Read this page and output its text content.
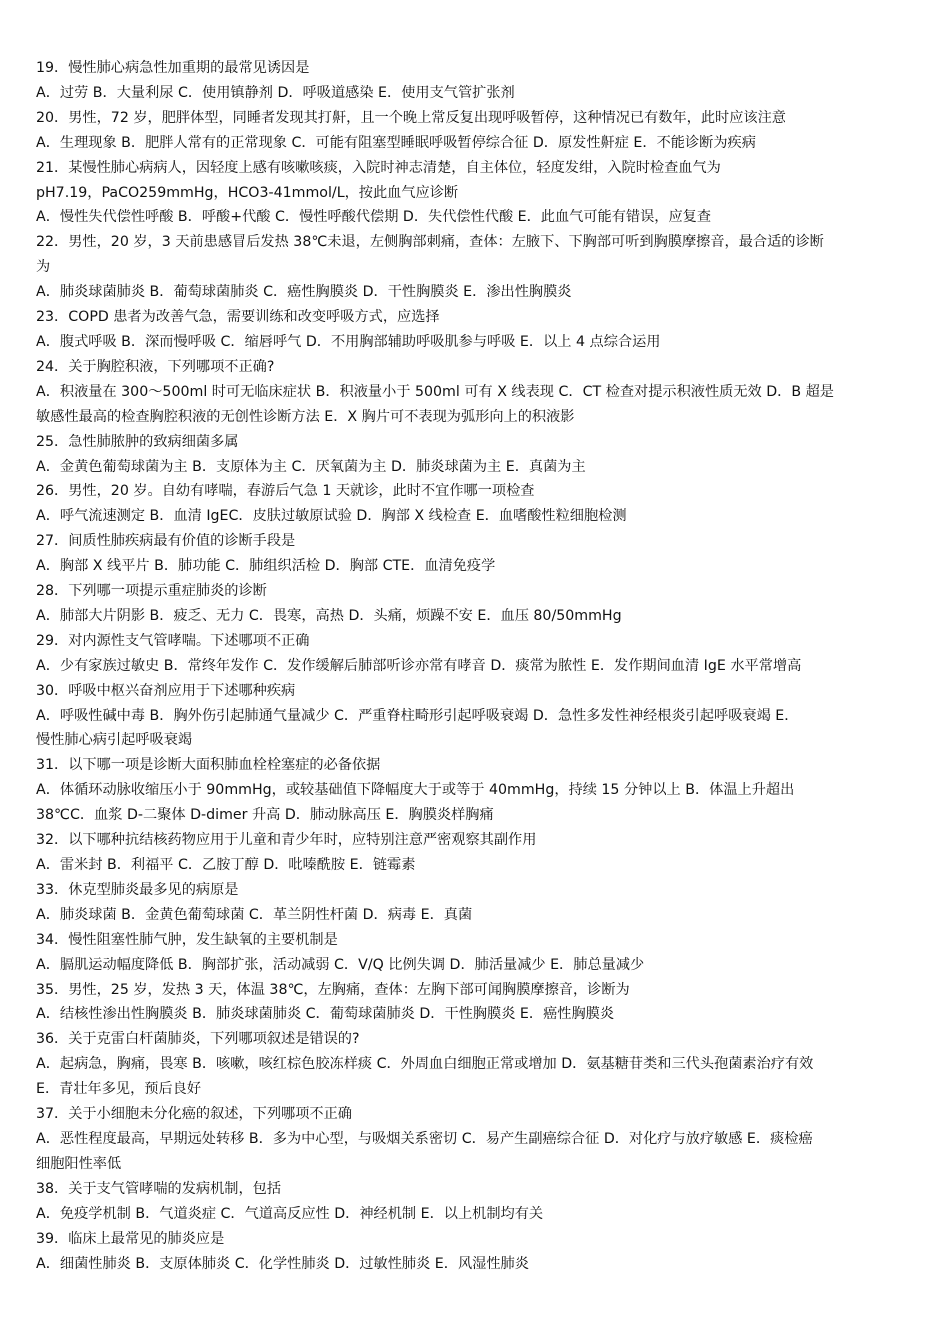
19．慢性肺心病急性加重期的最常见诱因是
A．过劳 B．大量利尿 C．使用镇静剂 D．呼吸道感染 E．使用支气管扩张剂
20．男性，72 岁，肥胖体型，同睡者发现其打鼾，且一个晚上常反复出现呼吸暂停，这种情况已有数年，此时应该注意
A．生理现象 B．肥胖人常有的正常现象 C．可能有阻塞型睡眠呼吸暂停综合征 D．原发性鼾症 E．不能诊断为疾病
21．某慢性肺心病病人，因轻度上感有咳嗽咳痰，入院时神志清楚，自主体位，轻度发绀，入院时检查血气为
pH7.19，PaCO259mmHg，HCO3-41mmol/L，按此血气应诊断
A．慢性失代偿性呼酸 B．呼酸+代酸 C．慢性呼酸代偿期 D．失代偿性代酸 E．此血气可能有错误，应复查
22．男性，20 岁，3 天前患感冒后发热 38℃未退，左侧胸部刺痛，查体：左腋下、下胸部可听到胸膜摩擦音，最合适的诊断
为
A．肺炎球菌肺炎 B．葡萄球菌肺炎 C．癌性胸膜炎 D．干性胸膜炎 E．渗出性胸膜炎
23．COPD 患者为改善气急，需要训练和改变呼吸方式，应选择
A．腹式呼吸 B．深而慢呼吸 C．缩唇呼气 D．不用胸部辅助呼吸肌参与呼吸 E．以上 4 点综合运用
24．关于胸腔积液，下列哪项不正确?
A．积液量在 300～500ml 时可无临床症状 B．积液量小于 500ml 可有 X 线表现 C．CT 检查对提示积液性质无效 D．B 超是
敏感性最高的检查胸腔积液的无创性诊断方法 E．X 胸片可不表现为弧形向上的积液影
25．急性肺脓肿的致病细菌多属
A．金黄色葡萄球菌为主 B．支原体为主 C．厌氧菌为主 D．肺炎球菌为主 E．真菌为主
26．男性，20 岁。自幼有哮喘，春游后气急 1 天就诊，此时不宜作哪一项检查
A．呼气流速测定 B．血清 IgEC．皮肤过敏原试验 D．胸部 X 线检查 E．血嗜酸性粒细胞检测
27．间质性肺疾病最有价值的诊断手段是
A．胸部 X 线平片 B．肺功能 C．肺组织活检 D．胸部 CTE．血清免疫学
28．下列哪一项提示重症肺炎的诊断
A．肺部大片阴影 B．疲乏、无力 C．畏寒，高热 D．头痛，烦躁不安 E．血压 80/50mmHg
29．对内源性支气管哮喘。下述哪项不正确
A．少有家族过敏史 B．常终年发作 C．发作缓解后肺部听诊亦常有哮音 D．痰常为脓性 E．发作期间血清 IgE 水平常增高
30．呼吸中枢兴奋剂应用于下述哪种疾病
A．呼吸性碱中毒 B．胸外伤引起肺通气量减少 C．严重脊柱畸形引起呼吸衰竭 D．急性多发性神经根炎引起呼吸衰竭 E．
慢性肺心病引起呼吸衰竭
31．以下哪一项是诊断大面积肺血栓栓塞症的必备依据
A．体循环动脉收缩压小于 90mmHg，或较基础值下降幅度大于或等于 40mmHg，持续 15 分钟以上 B．体温上升超出
38℃C．血浆 D-二聚体 D-dimer 升高 D．肺动脉高压 E．胸膜炎样胸痛
32．以下哪种抗结核药物应用于儿童和青少年时，应特别注意严密观察其副作用
A．雷米封 B．利福平 C．乙胺丁醇 D．吡嗪酰胺 E．链霉素
33．休克型肺炎最多见的病原是
A．肺炎球菌 B．金黄色葡萄球菌 C．革兰阴性杆菌 D．病毒 E．真菌
34．慢性阻塞性肺气肿，发生缺氧的主要机制是
A．膈肌运动幅度降低 B．胸部扩张，活动减弱 C．V/Q 比例失调 D．肺活量减少 E．肺总量减少
35．男性，25 岁，发热 3 天，体温 38℃，左胸痛，查体：左胸下部可闻胸膜摩擦音，诊断为
A．结核性渗出性胸膜炎 B．肺炎球菌肺炎 C．葡萄球菌肺炎 D．干性胸膜炎 E．癌性胸膜炎
36．关于克雷白杆菌肺炎，下列哪项叙述是错误的?
A．起病急，胸痛，畏寒 B．咳嗽，咳红棕色胶冻样痰 C．外周血白细胞正常或增加 D．氨基糖苷类和三代头孢菌素治疗有效
E．青壮年多见，预后良好
37．关于小细胞未分化癌的叙述，下列哪项不正确
A．恶性程度最高，早期远处转移 B．多为中心型，与吸烟关系密切 C．易产生副癌综合征 D．对化疗与放疗敏感 E．痰检癌
细胞阳性率低
38．关于支气管哮喘的发病机制，包括
A．免疫学机制 B．气道炎症 C．气道高反应性 D．神经机制 E．以上机制均有关
39．临床上最常见的肺炎应是
A．细菌性肺炎 B．支原体肺炎 C．化学性肺炎 D．过敏性肺炎 E．风湿性肺炎
